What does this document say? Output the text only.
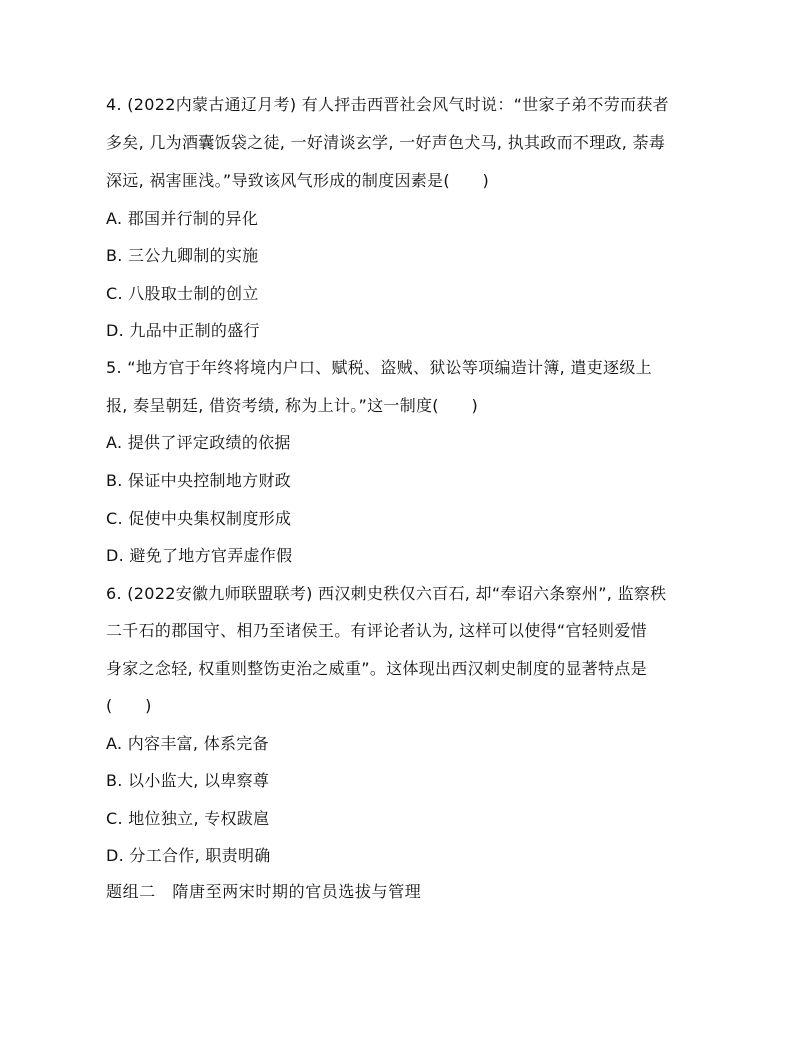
4. (2022内蒙古通辽月考) 有人抨击西晋社会风气时说：“世家子弟不劳而获者
多矣, 几为酒囊饭袋之徒, 一好清谈玄学, 一好声色犬马, 执其政而不理政, 荼毒
深远, 祸害匪浅。”导致该风气形成的制度因素是(　　)
A. 郡国并行制的异化
B. 三公九卿制的实施
C. 八股取士制的创立
D. 九品中正制的盛行
5. “地方官于年终将境内户口、赋税、盗贼、狱讼等项编造计簿, 遣吏逐级上
报, 奏呈朝廷, 借资考绩, 称为上计。”这一制度(　　)
A. 提供了评定政绩的依据
B. 保证中央控制地方财政
C. 促使中央集权制度形成
D. 避免了地方官弄虚作假
6. (2022安徽九师联盟联考) 西汉刺史秩仅六百石, 却“奉诏六条察州”, 监察秩
二千石的郡国守、相乃至诸侯王。有评论者认为, 这样可以使得“官轻则爱惜
身家之念轻, 权重则整饬吏治之威重”。这体现出西汉刺史制度的显著特点是
(　　)
A. 内容丰富, 体系完备
B. 以小监大, 以卑察尊
C. 地位独立, 专权跋扈
D. 分工合作, 职责明确
题组二　隋唐至两宋时期的官员选拔与管理
